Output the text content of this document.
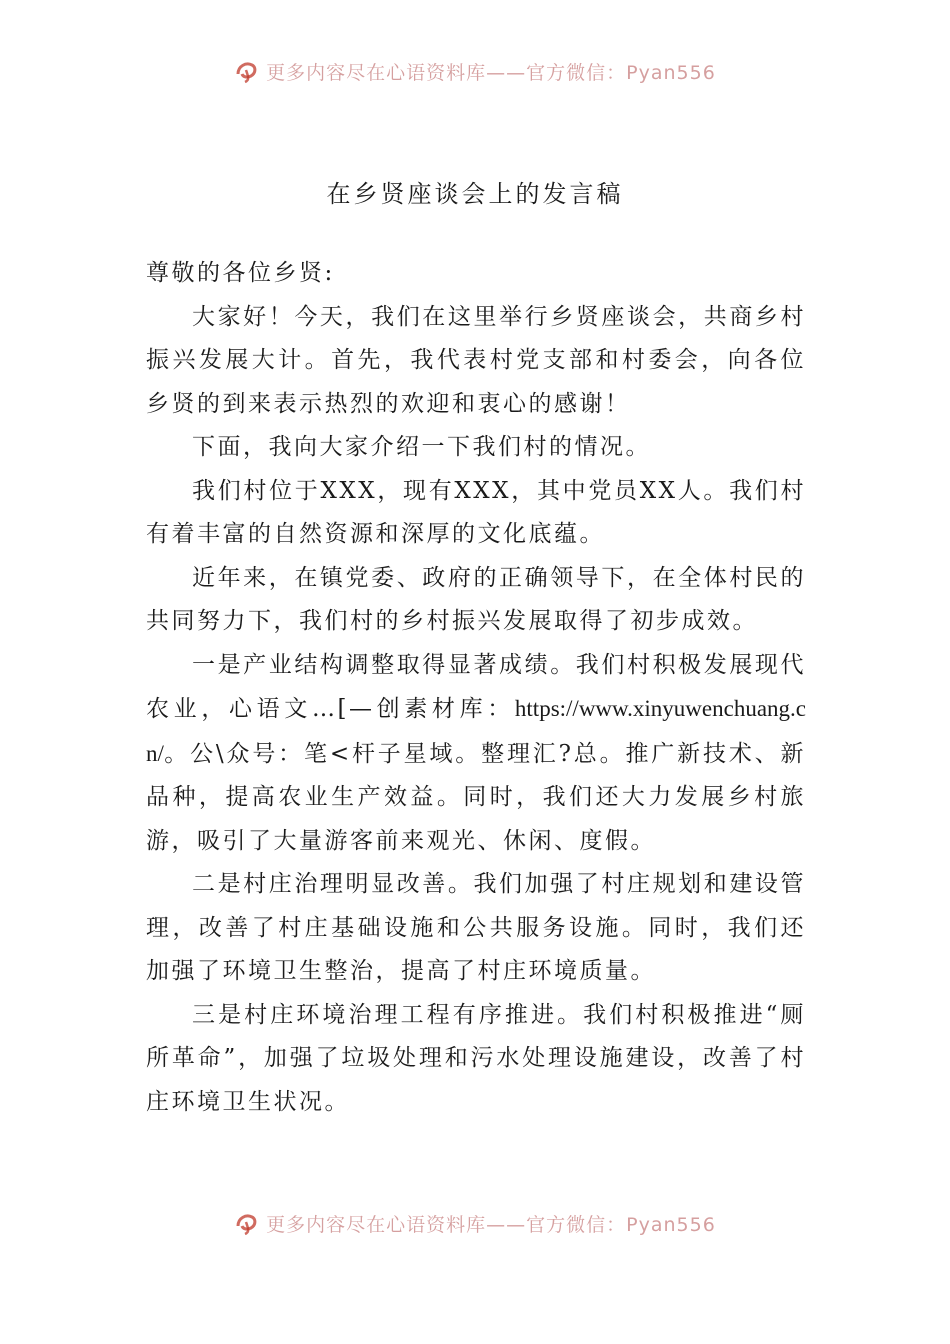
更多内容尽在心语资料库——官方微信：Pyan556
在乡贤座谈会上的发言稿

尊敬的各位乡贤:

大家好！今天，我们在这里举行乡贤座谈会，共商乡村振兴发展大计。首先，我代表村党支部和村委会，向各位乡贤的到来表示热烈的欢迎和衷心的感谢！

下面，我向大家介绍一下我们村的情况。

我们村位于XXX，现有XXX，其中党员XX人。我们村有着丰富的自然资源和深厚的文化底蕴。

近年来，在镇党委、政府的正确领导下，在全体村民的共同努力下，我们村的乡村振兴发展取得了初步成效。

一是产业结构调整取得显著成绩。我们村积极发展现代农业，心语文…[—创素材库：https://www.xinyuwenchuang.cn/。公\众号：笔<杆子星域。整理汇?总。推广新技术、新品种，提高农业生产效益。同时，我们还大力发展乡村旅游，吸引了大量游客前来观光、休闲、度假。

二是村庄治理明显改善。我们加强了村庄规划和建设管理，改善了村庄基础设施和公共服务设施。同时，我们还加强了环境卫生整治，提高了村庄环境质量。

三是村庄环境治理工程有序推进。我们村积极推进“厕所革命”，加强了垃圾处理和污水处理设施建设，改善了村庄环境卫生状况。

更多内容尽在心语资料库——官方微信：Pyan556
